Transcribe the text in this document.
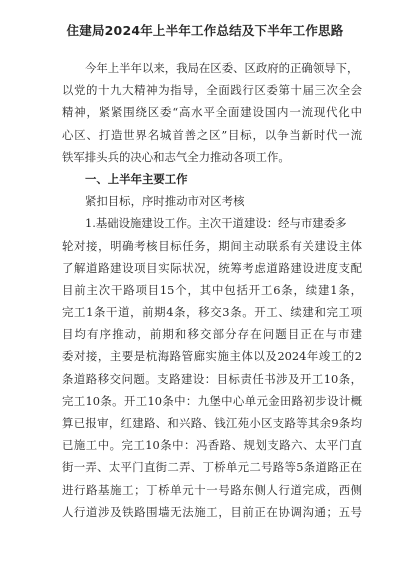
住建局2024年上半年工作总结及下半年工作思路
今年上半年以来，我局在区委、区政府的正确领导下，
以党的十九大精神为指导，全面践行区委第十届三次全会
精神，紧紧围绕区委“高水平全面建设国内一流现代化中
心区、打造世界名城首善之区”目标，以争当新时代一流
铁军排头兵的决心和志气全力推动各项工作。
一、上半年主要工作
紧扣目标，序时推动市对区考核
1.基础设施建设工作。主次干道建设：经与市建委多
轮对接，明确考核目标任务，期间主动联系有关建设主体
了解道路建设项目实际状况，统筹考虑道路建设进度支配
目前主次干路项目15个，其中包括开工6条，续建1条，
完工1条干道，前期4条，移交3条。开工、续建和完工项
目均有序推动，前期和移交部分存在问题目正在与市建
委对接，主要是杭海路管廊实施主体以及2024年竣工的2
条道路移交问题。支路建设：目标责任书涉及开工10条，
完工10条。开工10条中：九堡中心单元金田路初步设计概
算已报审，红建路、和兴路、钱江苑小区支路等其余9条均
已施工中。完工10条中：冯香路、规划支路六、太平门直
街一弄、太平门直街二弄、丁桥单元二号路等5条道路正在
进行路基施工；丁桥单元十一号路东侧人行道完成，西侧
人行道涉及铁路围墙无法施工，目前正在协调沟通；五号
